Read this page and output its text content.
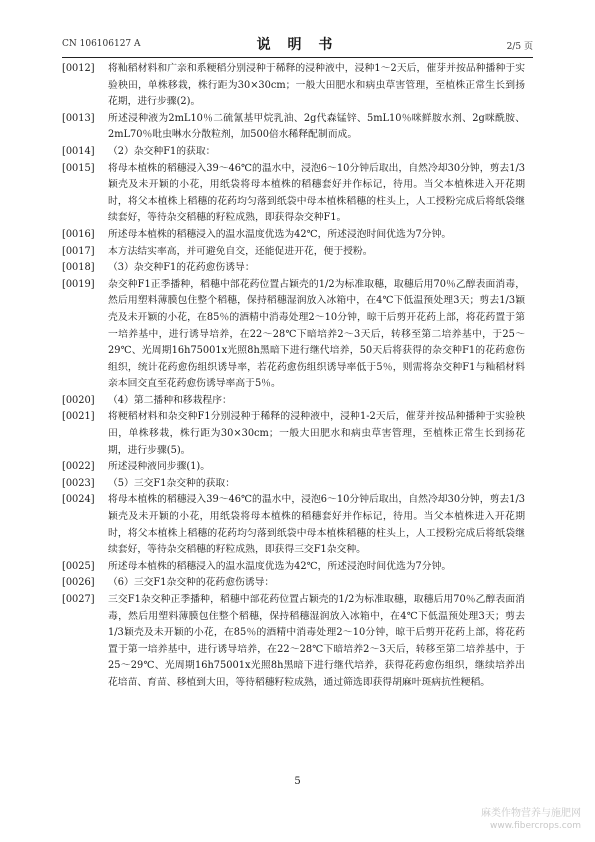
CN 106106127 A	说 明 书	2/5 页
[0012]	将籼稻材料和广亲和系粳稻分别浸种于稀释的浸种液中，浸种1～2天后，催芽并按品种播种于实验秧田，单株移栽，株行距为30×30cm；一般大田肥水和病虫草害管理，至植株正常生长到扬花期，进行步骤(2)。
[0013]	所述浸种液为2mL10％二硫氰基甲烷乳油、2g代森锰锌、5mL10％咪鲜胺水剂、2g咪酰胺、2mL70％吡虫啉水分散粒剂，加500倍水稀释配制而成。
[0014]	（2）杂交种F1的获取：
[0015]	将母本植株的稻穗浸入39～46℃的温水中，浸泡6～10分钟后取出，自然冷却30分钟，剪去1/3颖壳及未开颖的小花，用纸袋将母本植株的稻穗套好并作标记，待用。当父本植株进入开花期时，将父本植株上稻穗的花药均匀落到纸袋中母本植株稻穗的柱头上，人工授粉完成后将纸袋继续套好，等待杂交稻穗的籽粒成熟，即获得杂交种F1。
[0016]	所述母本植株的稻穗浸入的温水温度优选为42℃，所述浸泡时间优选为7分钟。
[0017]	本方法结实率高，并可避免自交，还能促进开花，便于授粉。
[0018]	（3）杂交种F1的花药愈伤诱导：
[0019]	杂交种F1正季播种，稻穗中部花药位置占颖壳的1/2为标准取穗，取穗后用70％乙醇表面消毒，然后用塑料薄膜包住整个稻穗，保持稻穗湿润放入冰箱中，在4℃下低温预处理3天；剪去1/3颖壳及未开颖的小花，在85％的酒精中消毒处理2～10分钟，晾干后剪开花药上部，将花药置于第一培养基中，进行诱导培养，在22～28℃下暗培养2～3天后，转移至第二培养基中，于25～29℃、光周期16h75001x光照8h黑暗下进行继代培养，50天后将获得的杂交种F1的花药愈伤组织，统计花药愈伤组织诱导率，若花药愈伤组织诱导率低于5％，则需将杂交种F1与籼稻材料亲本回交直至花药愈伤诱导率高于5％。
[0020]	（4）第二播种和移栽程序：
[0021]	将粳稻材料和杂交种F1分别浸种于稀释的浸种液中，浸种1-2天后，催芽并按品种播种于实验秧田，单株移栽，株行距为30×30cm；一般大田肥水和病虫草害管理，至植株正常生长到扬花期，进行步骤(5)。
[0022]	所述浸种液同步骤(1)。
[0023]	（5）三交F1杂交种的获取：
[0024]	将母本植株的稻穗浸入39～46℃的温水中，浸泡6～10分钟后取出，自然冷却30分钟，剪去1/3颖壳及未开颖的小花，用纸袋将母本植株的稻穗套好并作标记，待用。当父本植株进入开花期时，将父本植株上稻穗的花药均匀落到纸袋中母本植株稻穗的柱头上，人工授粉完成后将纸袋继续套好，等待杂交稻穗的籽粒成熟，即获得三交F1杂交种。
[0025]	所述母本植株的稻穗浸入的温水温度优选为42℃，所述浸泡时间优选为7分钟。
[0026]	（6）三交F1杂交种的花药愈伤诱导：
[0027]	三交F1杂交种正季播种，稻穗中部花药位置占颖壳的1/2为标准取穗，取穗后用70％乙醇表面消毒，然后用塑料薄膜包住整个稻穗，保持稻穗湿润放入冰箱中，在4℃下低温预处理3天；剪去1/3颖壳及未开颖的小花，在85％的酒精中消毒处理2～10分钟，晾干后剪开花药上部，将花药置于第一培养基中，进行诱导培养，在22～28℃下暗培养2～3天后，转移至第二培养基中，于25～29℃、光周期16h75001x光照8h黑暗下进行继代培养，获得花药愈伤组织，继续培养出花培苗、育苗、移植到大田，等待稻穗籽粒成熟，通过筛选即获得胡麻叶斑病抗性粳稻。
5
麻类作物营养与施肥网
www.fibercrops.com
